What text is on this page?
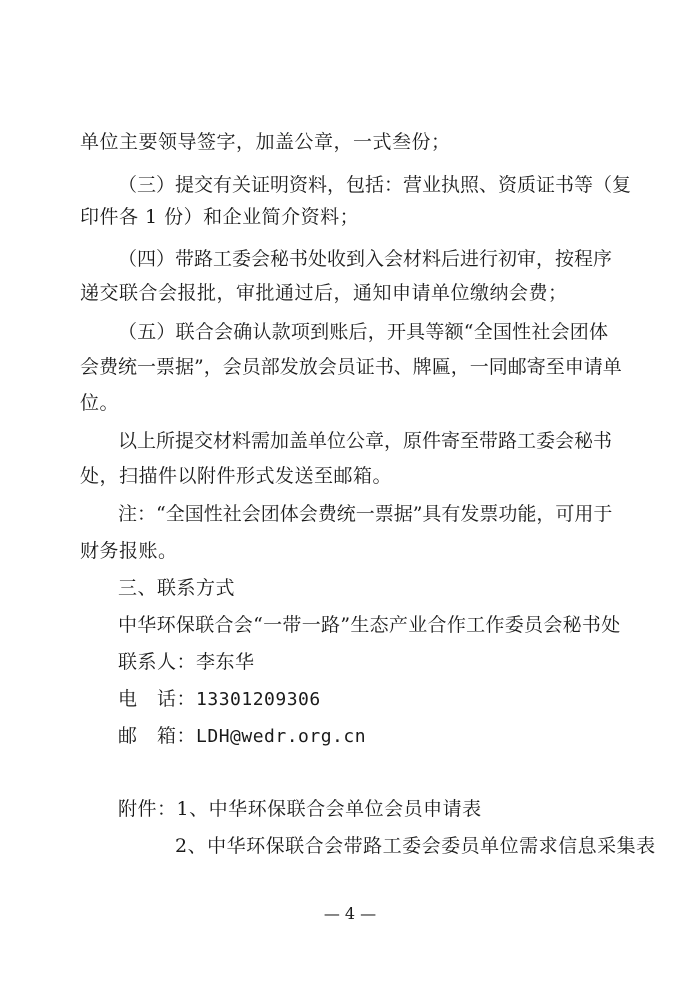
单位主要领导签字，加盖公章，一式叁份；
（三）提交有关证明资料，包括：营业执照、资质证书等（复
印件各 1 份）和企业简介资料；
（四）带路工委会秘书处收到入会材料后进行初审，按程序
递交联合会报批，审批通过后，通知申请单位缴纳会费；
（五）联合会确认款项到账后，开具等额“全国性社会团体
会费统一票据”，会员部发放会员证书、牌匾，一同邮寄至申请单
位。
以上所提交材料需加盖单位公章，原件寄至带路工委会秘书
处，扫描件以附件形式发送至邮箱。
注：“全国性社会团体会费统一票据”具有发票功能，可用于
财务报账。
三、联系方式
中华环保联合会“一带一路”生态产业合作工作委员会秘书处
联系人：李东华
电　话：13301209306
邮　箱：LDH@wedr.org.cn
附件：1、中华环保联合会单位会员申请表
2、中华环保联合会带路工委会委员单位需求信息采集表
— 4 —
